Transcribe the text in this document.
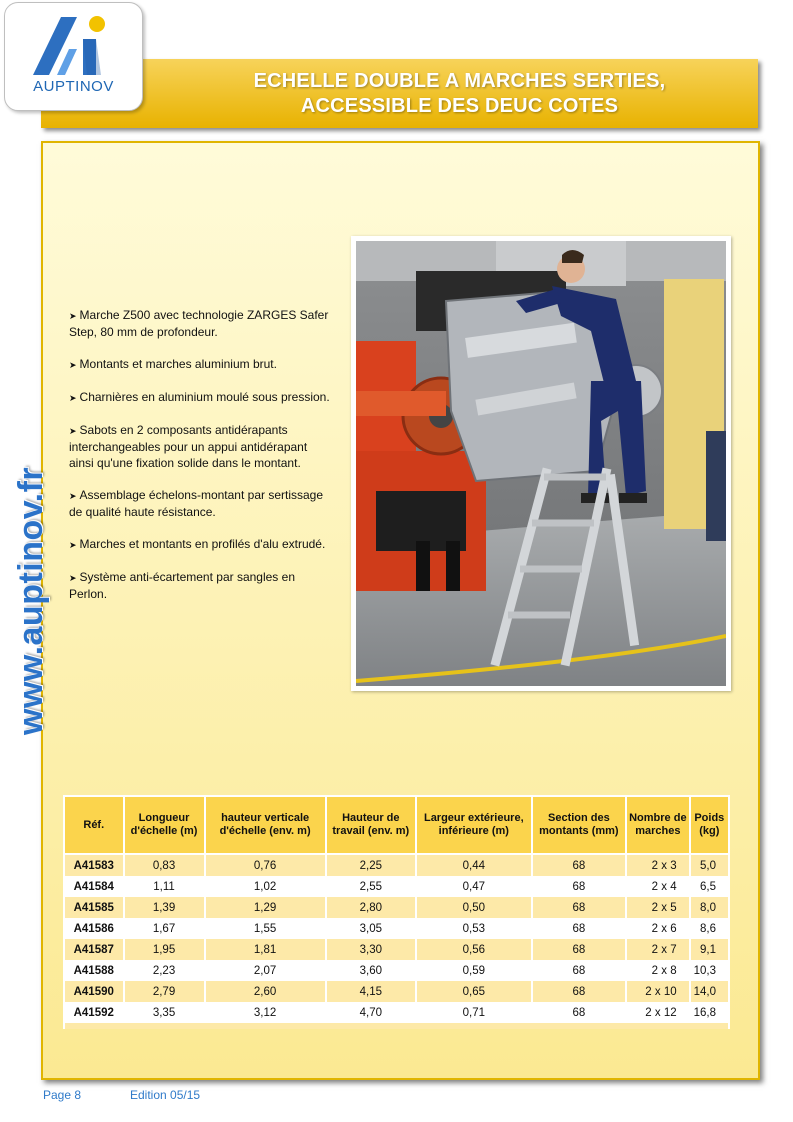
ECHELLE DOUBLE A MARCHES SERTIES,
ACCESSIBLE DES DEUC COTES
AUPTINOV
www.auptinov.fr
➤ Marche Z500 avec technologie ZARGES Safer Step, 80 mm de profondeur.
➤ Montants et marches aluminium brut.
➤ Charnières en aluminium moulé sous pression.
➤ Sabots en 2 composants antidérapants interchangeables pour un appui antidérapant ainsi qu'une fixation solide dans le montant.
➤ Assemblage échelons-montant par sertissage de qualité haute résistance.
➤ Marches et montants en profilés d'alu extrudé.
➤ Système anti-écartement par sangles en Perlon.
Réf.	Longueur d'échelle (m)	hauteur verticale d'échelle (env. m)	Hauteur de travail (env. m)	Largeur extérieure, inférieure (m)	Section des montants (mm)	Nombre de marches	Poids (kg)
A41583	0,83	0,76	2,25	0,44	68	2 x 3	5,0
A41584	1,11	1,02	2,55	0,47	68	2 x 4	6,5
A41585	1,39	1,29	2,80	0,50	68	2 x 5	8,0
A41586	1,67	1,55	3,05	0,53	68	2 x 6	8,6
A41587	1,95	1,81	3,30	0,56	68	2 x 7	9,1
A41588	2,23	2,07	3,60	0,59	68	2 x 8	10,3
A41590	2,79	2,60	4,15	0,65	68	2 x 10	14,0
A41592	3,35	3,12	4,70	0,71	68	2 x 12	16,8

Page 8	Edition 05/15
